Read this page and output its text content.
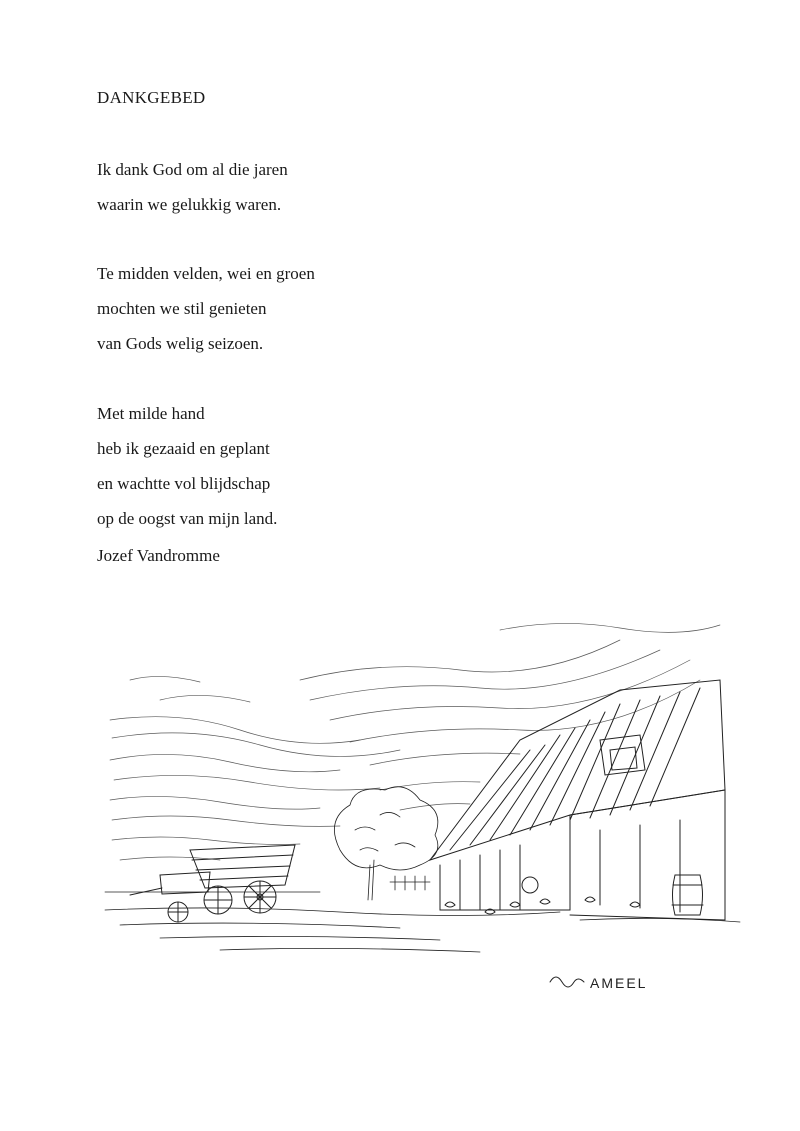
DANKGEBED
Ik dank God om al die jaren
waarin we gelukkig waren.
Te midden velden, wei en groen
mochten we stil genieten
van Gods welig seizoen.
Met milde hand
heb ik gezaaid en geplant
en wachtte vol blijdschap
op de oogst van mijn land.
Jozef Vandromme
AMEEL
